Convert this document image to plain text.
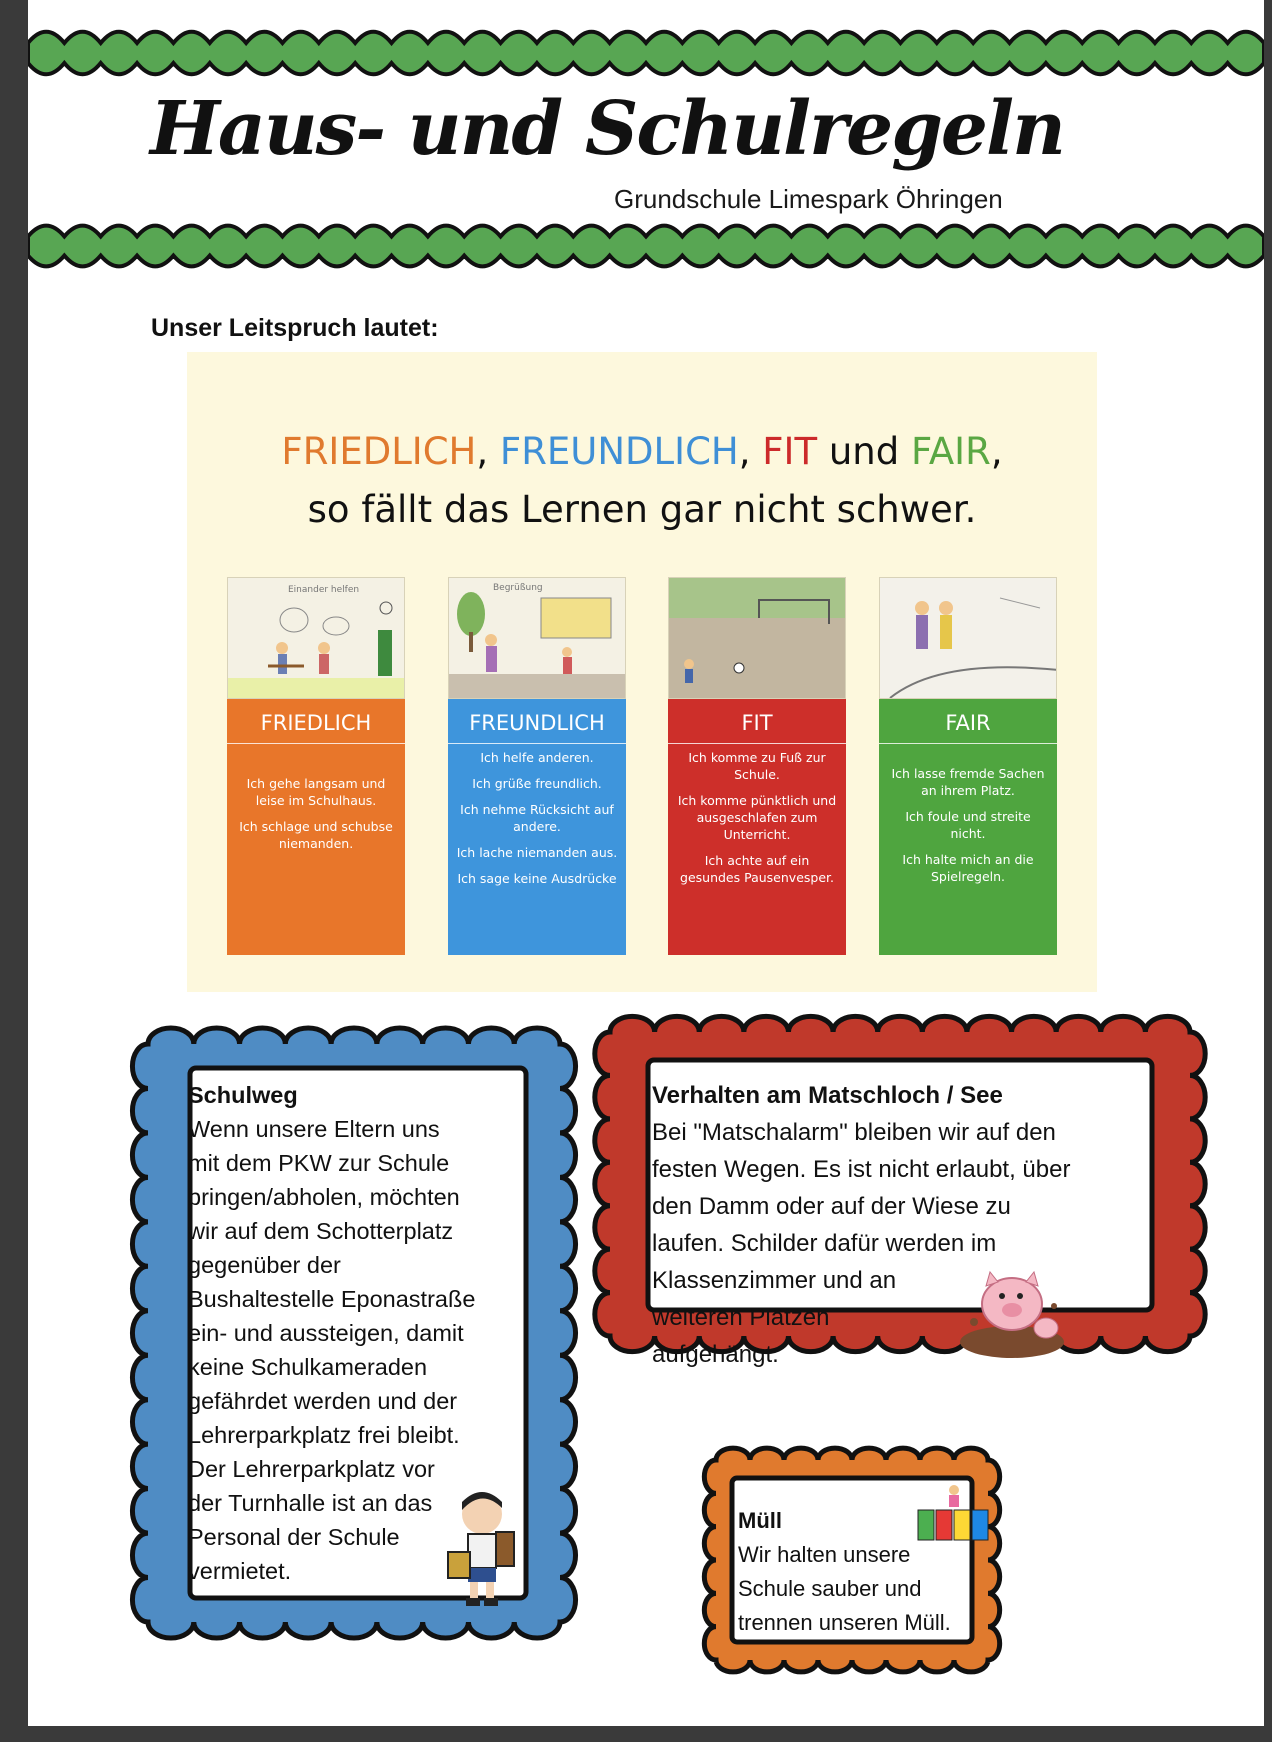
Haus- und Schulregeln
Grundschule Limespark Öhringen
Unser Leitspruch lautet:
FRIEDLICH, FREUNDLICH, FIT und FAIR,
so fällt das Lernen gar nicht schwer.
Einander helfen
FRIEDLICH

Ich gehe langsam und leise im Schulhaus.

Ich schlage und schubse niemanden.

Begrüßung
FREUNDLICH

Ich helfe anderen.

Ich grüße freundlich.

Ich nehme Rücksicht auf andere.

Ich lache niemanden aus.

Ich sage keine Ausdrücke

FIT

Ich komme zu Fuß zur Schule.

Ich komme pünktlich und ausgeschlafen zum Unterricht.

Ich achte auf ein gesundes Pausenvesper.

FAIR

Ich lasse fremde Sachen an ihrem Platz.

Ich foule und streite nicht.

Ich halte mich an die Spielregeln.

Schulweg
Wenn unsere Eltern uns
mit dem PKW zur Schule
bringen/abholen, möchten
wir auf dem Schotterplatz
gegenüber der
Bushaltestelle Eponastraße
ein- und aussteigen, damit
keine Schulkameraden
gefährdet werden und der
Lehrerparkplatz frei bleibt.
Der Lehrerparkplatz vor
der Turnhalle ist an das
Personal der Schule
vermietet.
Verhalten am Matschloch / See
Bei "Matschalarm" bleiben wir auf den
festen Wegen. Es ist nicht erlaubt, über
den Damm oder auf der Wiese zu
laufen. Schilder dafür werden im
Klassenzimmer und an
weiteren Plätzen
aufgehängt.
Müll
Wir halten unsere
Schule sauber und
trennen unseren Müll.
